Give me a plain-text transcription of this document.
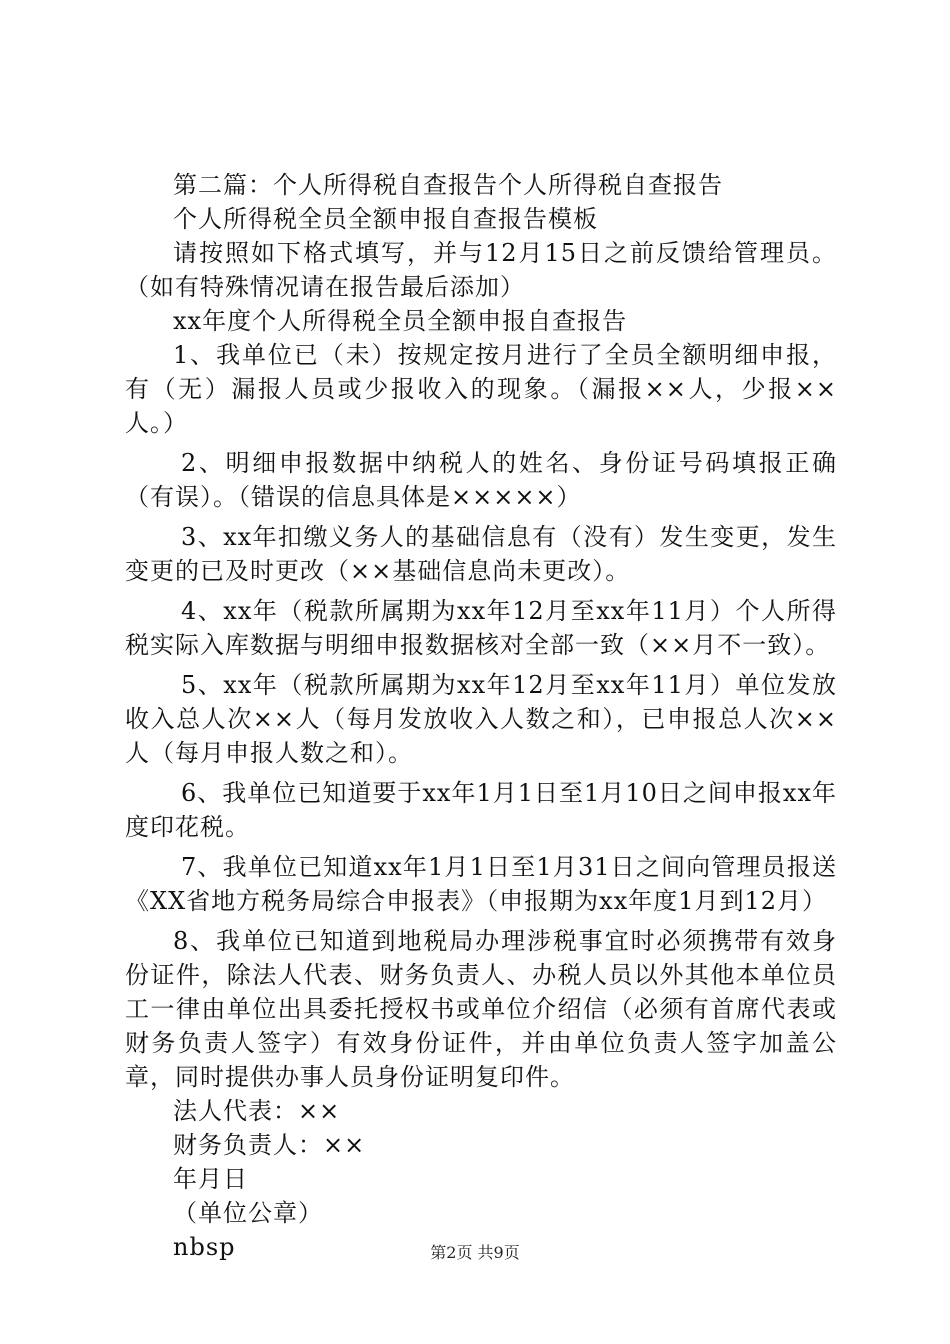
第二篇：个人所得税自查报告个人所得税自查报告

个人所得税全员全额申报自查报告模板

请按照如下格式填写，并与12月15日之前反馈给管理员。（如有特殊情况请在报告最后添加）

xx年度个人所得税全员全额申报自查报告

1、我单位已（未）按规定按月进行了全员全额明细申报，有（无）漏报人员或少报收入的现象。（漏报××人，少报××人。）

2、明细申报数据中纳税人的姓名、身份证号码填报正确（有误）。（错误的信息具体是×××××）

3、xx年扣缴义务人的基础信息有（没有）发生变更，发生变更的已及时更改（××基础信息尚未更改）。

4、xx年（税款所属期为xx年12月至xx年11月）个人所得税实际入库数据与明细申报数据核对全部一致（××月不一致）。

5、xx年（税款所属期为xx年12月至xx年11月）单位发放收入总人次××人（每月发放收入人数之和），已申报总人次××人（每月申报人数之和）。

6、我单位已知道要于xx年1月1日至1月10日之间申报xx年度印花税。

7、我单位已知道xx年1月1日至1月31日之间向管理员报送《XX省地方税务局综合申报表》（申报期为xx年度1月到12月）

8、我单位已知道到地税局办理涉税事宜时必须携带有效身份证件，除法人代表、财务负责人、办税人员以外其他本单位员工一律由单位出具委托授权书或单位介绍信（必须有首席代表或财务负责人签字）有效身份证件，并由单位负责人签字加盖公章，同时提供办事人员身份证明复印件。

法人代表：××

财务负责人：××

年月日

（单位公章）

nbsp	第2页 共9页
